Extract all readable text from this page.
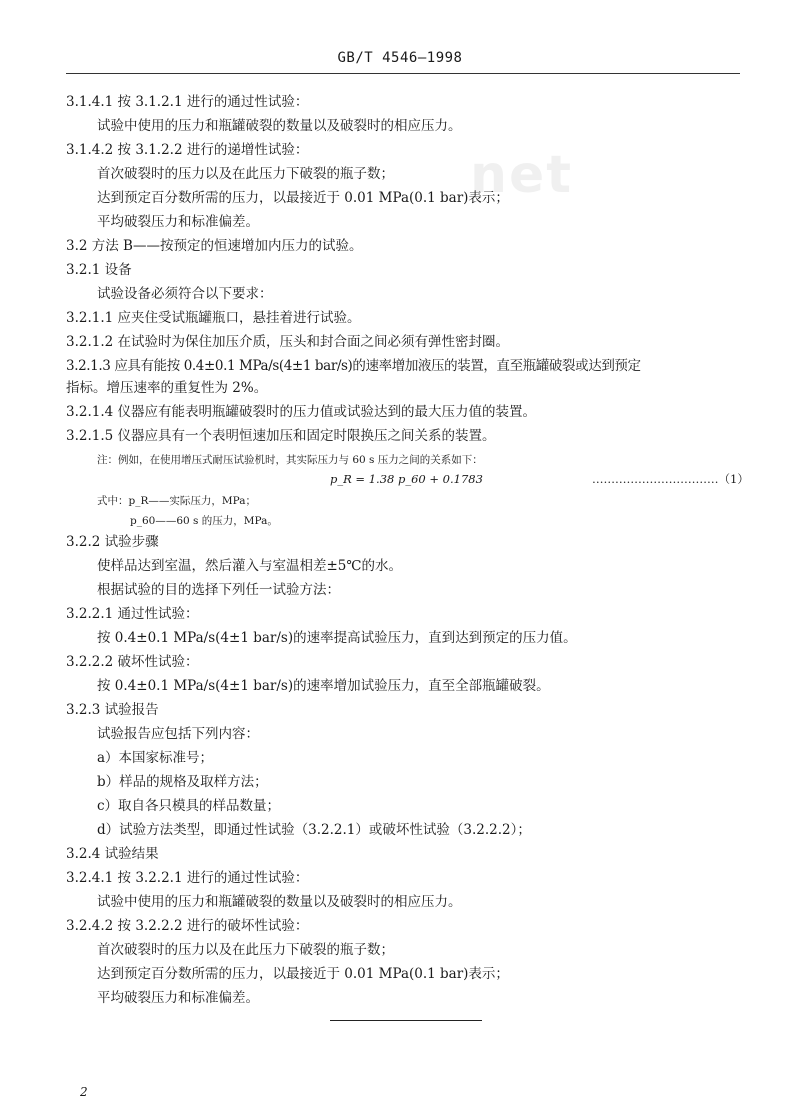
net
GB/T 4546—1998
3.1.4.1 按 3.1.2.1 进行的通过性试验：
试验中使用的压力和瓶罐破裂的数量以及破裂时的相应压力。
3.1.4.2 按 3.1.2.2 进行的递增性试验：
首次破裂时的压力以及在此压力下破裂的瓶子数；
达到预定百分数所需的压力，以最接近于 0.01 MPa(0.1 bar)表示；
平均破裂压力和标准偏差。
3.2 方法 B——按预定的恒速增加内压力的试验。
3.2.1 设备
试验设备必须符合以下要求：
3.2.1.1 应夹住受试瓶罐瓶口，悬挂着进行试验。
3.2.1.2 在试验时为保住加压介质，压头和封合面之间必须有弹性密封圈。
3.2.1.3 应具有能按 0.4±0.1 MPa/s(4±1 bar/s)的速率增加液压的装置，直至瓶罐破裂或达到预定
指标。增压速率的重复性为 2%。
3.2.1.4 仪器应有能表明瓶罐破裂时的压力值或试验达到的最大压力值的装置。
3.2.1.5 仪器应具有一个表明恒速加压和固定时限换压之间关系的装置。
注：例如，在使用增压式耐压试验机时，其实际压力与 60 s 压力之间的关系如下：
p_R = 1.38 p_60 + 0.1783	……………………………（1）
式中：p_R——实际压力，MPa；
p_60——60 s 的压力，MPa。
3.2.2 试验步骤
使样品达到室温，然后灌入与室温相差±5℃的水。
根据试验的目的选择下列任一试验方法：
3.2.2.1 通过性试验：
按 0.4±0.1 MPa/s(4±1 bar/s)的速率提高试验压力，直到达到预定的压力值。
3.2.2.2 破坏性试验：
按 0.4±0.1 MPa/s(4±1 bar/s)的速率增加试验压力，直至全部瓶罐破裂。
3.2.3 试验报告
试验报告应包括下列内容：
a）本国家标准号；
b）样品的规格及取样方法；
c）取自各只模具的样品数量；
d）试验方法类型，即通过性试验（3.2.2.1）或破坏性试验（3.2.2.2）；
3.2.4 试验结果
3.2.4.1 按 3.2.2.1 进行的通过性试验：
试验中使用的压力和瓶罐破裂的数量以及破裂时的相应压力。
3.2.4.2 按 3.2.2.2 进行的破坏性试验：
首次破裂时的压力以及在此压力下破裂的瓶子数；
达到预定百分数所需的压力，以最接近于 0.01 MPa(0.1 bar)表示；
平均破裂压力和标准偏差。
2
